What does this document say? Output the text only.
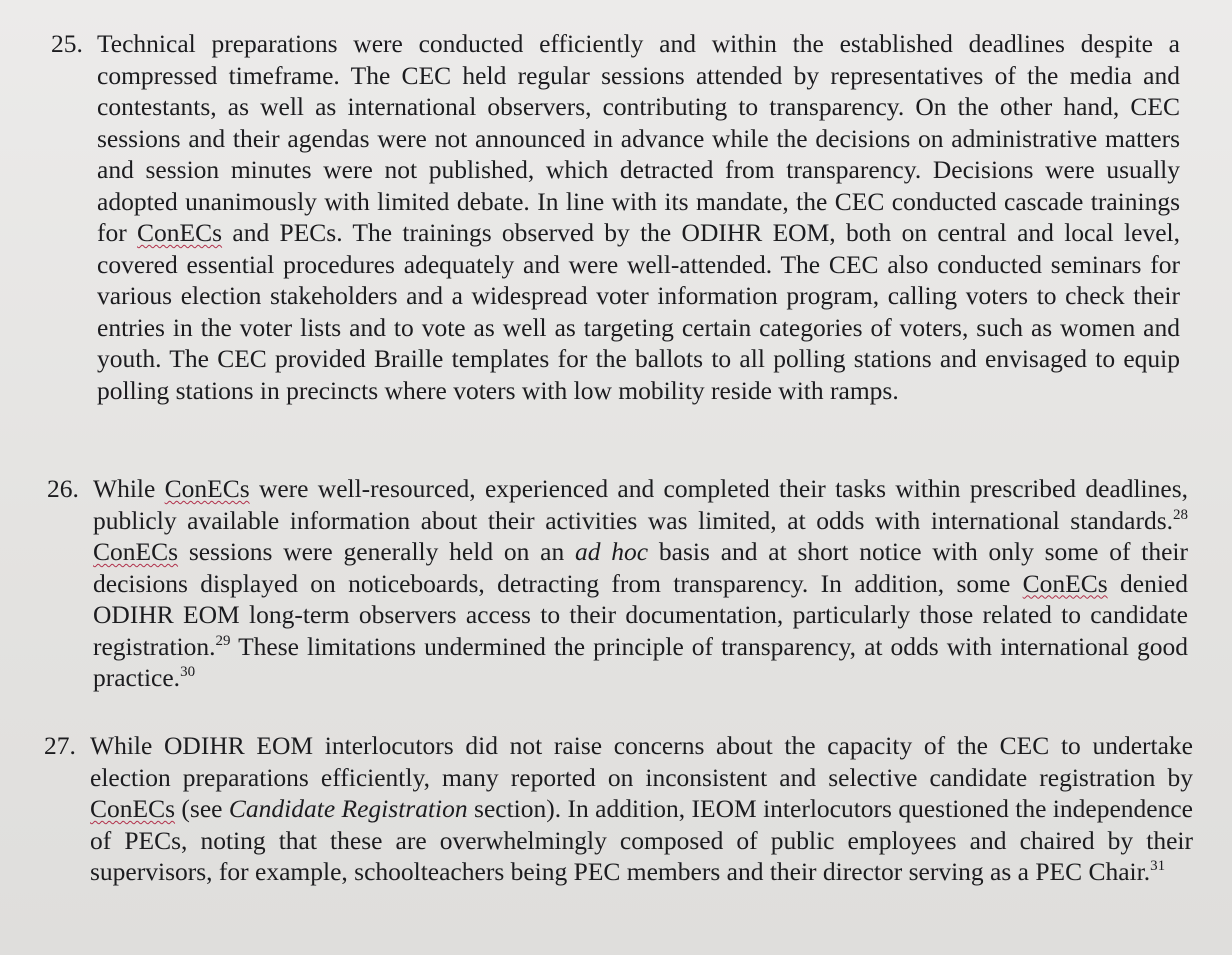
25. Technical preparations were conducted efficiently and within the established deadlines despite a compressed timeframe. The CEC held regular sessions attended by representatives of the media and contestants, as well as international observers, contributing to transparency. On the other hand, CEC sessions and their agendas were not announced in advance while the decisions on administrative matters and session minutes were not published, which detracted from transparency. Decisions were usually adopted unanimously with limited debate. In line with its mandate, the CEC conducted cascade trainings for ConECs and PECs. The trainings observed by the ODIHR EOM, both on central and local level, covered essential procedures adequately and were well-attended. The CEC also conducted seminars for various election stakeholders and a widespread voter information program, calling voters to check their entries in the voter lists and to vote as well as targeting certain categories of voters, such as women and youth. The CEC provided Braille templates for the ballots to all polling stations and envisaged to equip polling stations in precincts where voters with low mobility reside with ramps.
26. While ConECs were well-resourced, experienced and completed their tasks within prescribed deadlines, publicly available information about their activities was limited, at odds with international standards.$^{28}$ ConECs sessions were generally held on an ad hoc basis and at short notice with only some of their decisions displayed on noticeboards, detracting from transparency. In addition, some ConECs denied ODIHR EOM long-term observers access to their documentation, particularly those related to candidate registration.$^{29}$ These limitations undermined the principle of transparency, at odds with international good practice.$^{30}$
27. While ODIHR EOM interlocutors did not raise concerns about the capacity of the CEC to undertake election preparations efficiently, many reported on inconsistent and selective candidate registration by ConECs (see Candidate Registration section). In addition, IEOM interlocutors questioned the independence of PECs, noting that these are overwhelmingly composed of public employees and chaired by their supervisors, for example, schoolteachers being PEC members and their director serving as a PEC Chair.$^{31}$
